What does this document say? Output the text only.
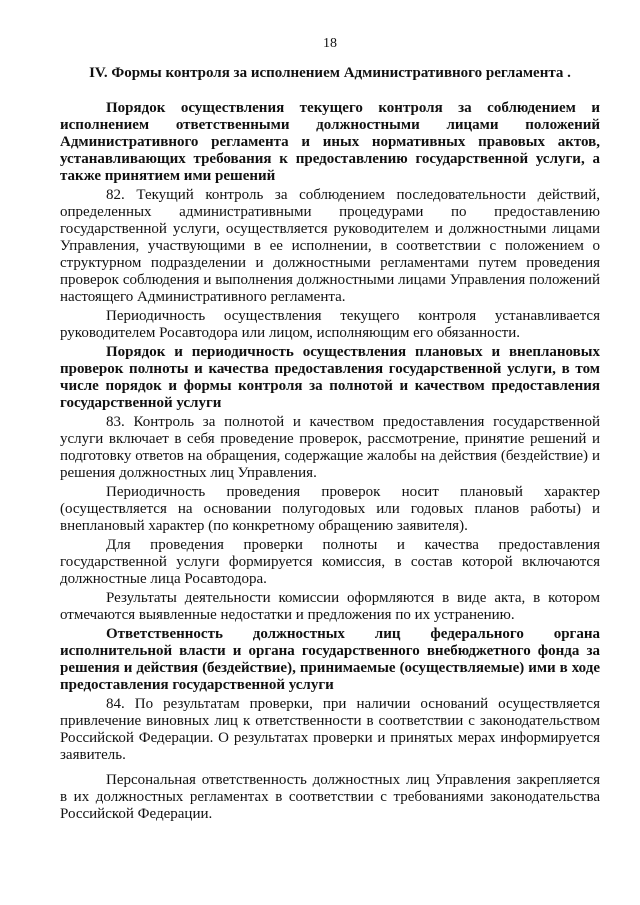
18
IV. Формы контроля за исполнением Административного регламента .

Порядок осуществления текущего контроля за соблюдением и исполнением ответственными должностными лицами положений Административного регламента и иных нормативных правовых актов, устанавливающих требования к предоставлению государственной услуги, а также принятием ими решений

82. Текущий контроль за соблюдением последовательности действий, определенных административными процедурами по предоставлению государственной услуги, осуществляется руководителем и должностными лицами Управления, участвующими в ее исполнении, в соответствии с положением о структурном подразделении и должностными регламентами путем проведения проверок соблюдения и выполнения должностными лицами Управления положений настоящего Административного регламента.

Периодичность осуществления текущего контроля устанавливается руководителем Росавтодора или лицом, исполняющим его обязанности.

Порядок и периодичность осуществления плановых и внеплановых проверок полноты и качества предоставления государственной услуги, в том числе порядок и формы контроля за полнотой и качеством предоставления государственной услуги

83. Контроль за полнотой и качеством предоставления государственной услуги включает в себя проведение проверок, рассмотрение, принятие решений и подготовку ответов на обращения, содержащие жалобы на действия (бездействие) и решения должностных лиц Управления.

Периодичность проведения проверок носит плановый характер (осуществляется на основании полугодовых или годовых планов работы) и внеплановый характер (по конкретному обращению заявителя).

Для проведения проверки полноты и качества предоставления государственной услуги формируется комиссия, в состав которой включаются должностные лица Росавтодора.

Результаты деятельности комиссии оформляются в виде акта, в котором отмечаются выявленные недостатки и предложения по их устранению.

Ответственность должностных лиц федерального органа исполнительной власти и органа государственного внебюджетного фонда за решения и действия (бездействие), принимаемые (осуществляемые) ими в ходе предоставления государственной услуги

84. По результатам проверки, при наличии оснований осуществляется привлечение виновных лиц к ответственности в соответствии с законодательством Российской Федерации. О результатах проверки и принятых мерах информируется заявитель.

Персональная ответственность должностных лиц Управления закрепляется в их должностных регламентах в соответствии с требованиями законодательства Российской Федерации.
